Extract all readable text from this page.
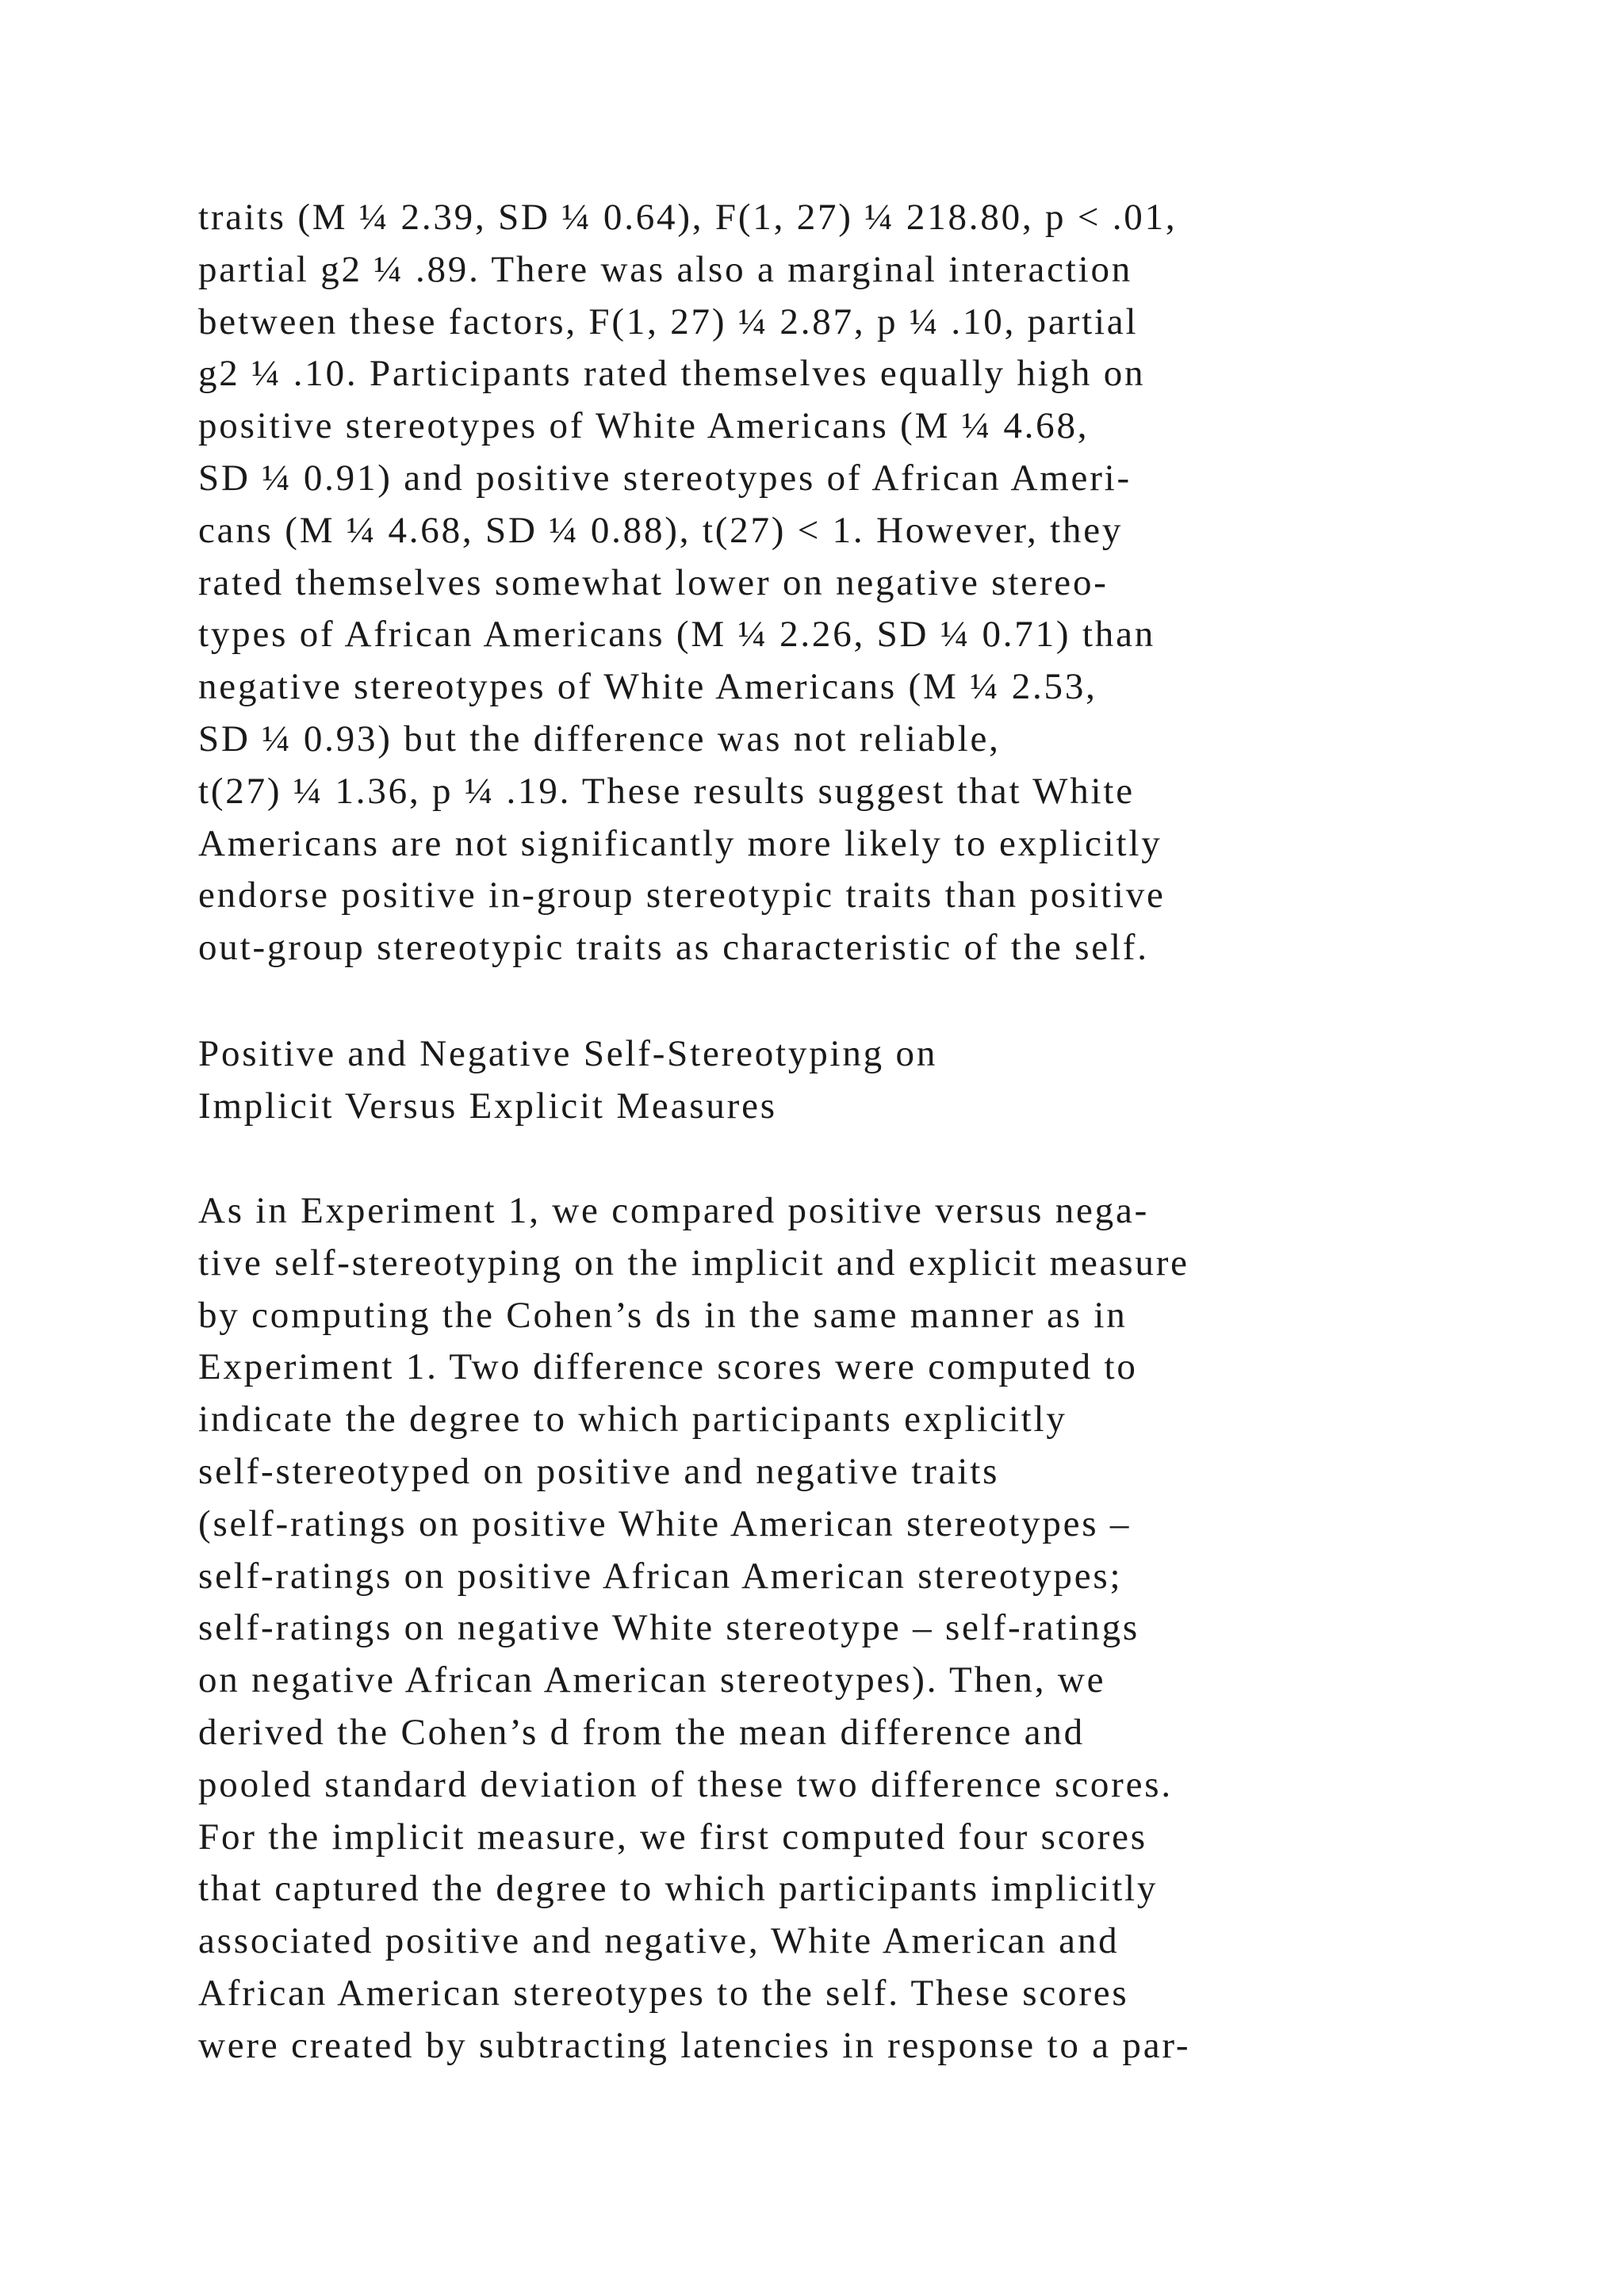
traits (M ¼ 2.39, SD ¼ 0.64), F(1, 27) ¼ 218.80, p < .01,
partial g2 ¼ .89. There was also a marginal interaction
between these factors, F(1, 27) ¼ 2.87, p ¼ .10, partial
g2 ¼ .10. Participants rated themselves equally high on
positive stereotypes of White Americans (M ¼ 4.68,
SD ¼ 0.91) and positive stereotypes of African Ameri-
cans (M ¼ 4.68, SD ¼ 0.88), t(27) < 1. However, they
rated themselves somewhat lower on negative stereo-
types of African Americans (M ¼ 2.26, SD ¼ 0.71) than
negative stereotypes of White Americans (M ¼ 2.53,
SD ¼ 0.93) but the difference was not reliable,
t(27) ¼ 1.36, p ¼ .19. These results suggest that White
Americans are not significantly more likely to explicitly
endorse positive in-group stereotypic traits than positive
out-group stereotypic traits as characteristic of the self.
Positive and Negative Self-Stereotyping on
Implicit Versus Explicit Measures
As in Experiment 1, we compared positive versus nega-
tive self-stereotyping on the implicit and explicit measure
by computing the Cohen’s ds in the same manner as in
Experiment 1. Two difference scores were computed to
indicate the degree to which participants explicitly
self-stereotyped on positive and negative traits
(self-ratings on positive White American stereotypes –
self-ratings on positive African American stereotypes;
self-ratings on negative White stereotype – self-ratings
on negative African American stereotypes). Then, we
derived the Cohen’s d from the mean difference and
pooled standard deviation of these two difference scores.
For the implicit measure, we first computed four scores
that captured the degree to which participants implicitly
associated positive and negative, White American and
African American stereotypes to the self. These scores
were created by subtracting latencies in response to a par-
